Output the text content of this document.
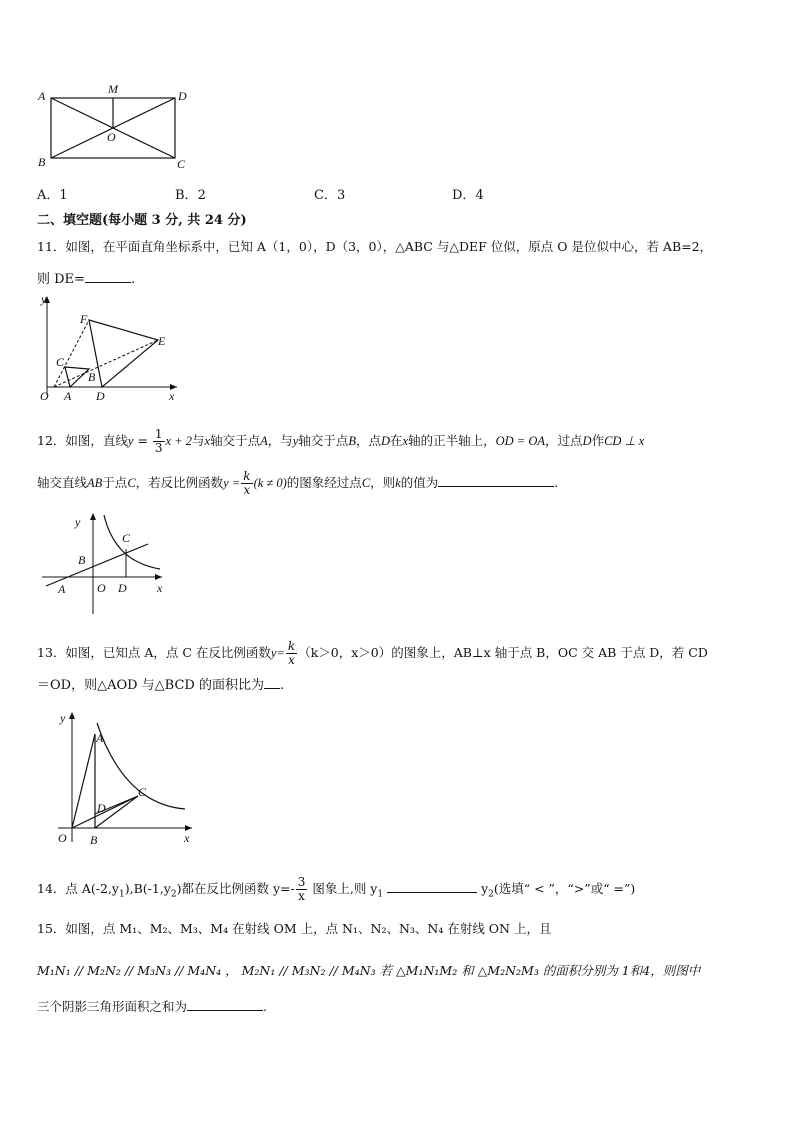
A	M	D
O
B	C
A．1	B．2	C．3	D．4
二、填空题(每小题 3 分, 共 24 分)
11．如图，在平面直角坐标系中，已知 A（1，0），D（3，0），△ABC 与△DEF 位似，原点 O 是位似中心，若 AB=2，
则 DE=	.
y
F
E
C
B
O A D	x
12．如图，直线$y = \frac{1}{3}$ x + 2与x轴交于点A，与y轴交于点B，点D在x轴的正半轴上，OD = OA，过点D作CD ⊥ x
轴交直线AB于点C，若反比例函数$y = \frac{k}{x} (k \ne 0)$的图象经过点C，则k的值为	.
y
C
B
A	O D	x
13．如图，已知点 A，点 C 在反比例函数$y= \frac{k}{x} (k>0$，x＞0）的图象上，AB⊥x 轴于点 B，OC 交 AB 于点 D，若 CD
＝OD，则△AOD 与△BCD 的面积比为 .
y
A
C
D
O B	x
14．点 $A(-2,y_1),B(-1,y_2)$都在反比例函数 $y=- \frac{3}{x}$ 图象上,则 $y_1$	$y_2$(选填“ < ”，“>”或“ =”)
15．如图，点 M₁、M₂、M₃、M₄ 在射线 OM 上，点 N₁、N₂、N₃、N₄ 在射线 ON 上，且
M₁N₁ // M₂N₂ // M₃N₃ // M₄N₄ ， M₂N₁ // M₃N₂ // M₄N₃ 若 △M₁N₁M₂ 和 △M₂N₂M₃ 的面积分别为 1和4，则图中
三个阴影三角形面积之和为	.
